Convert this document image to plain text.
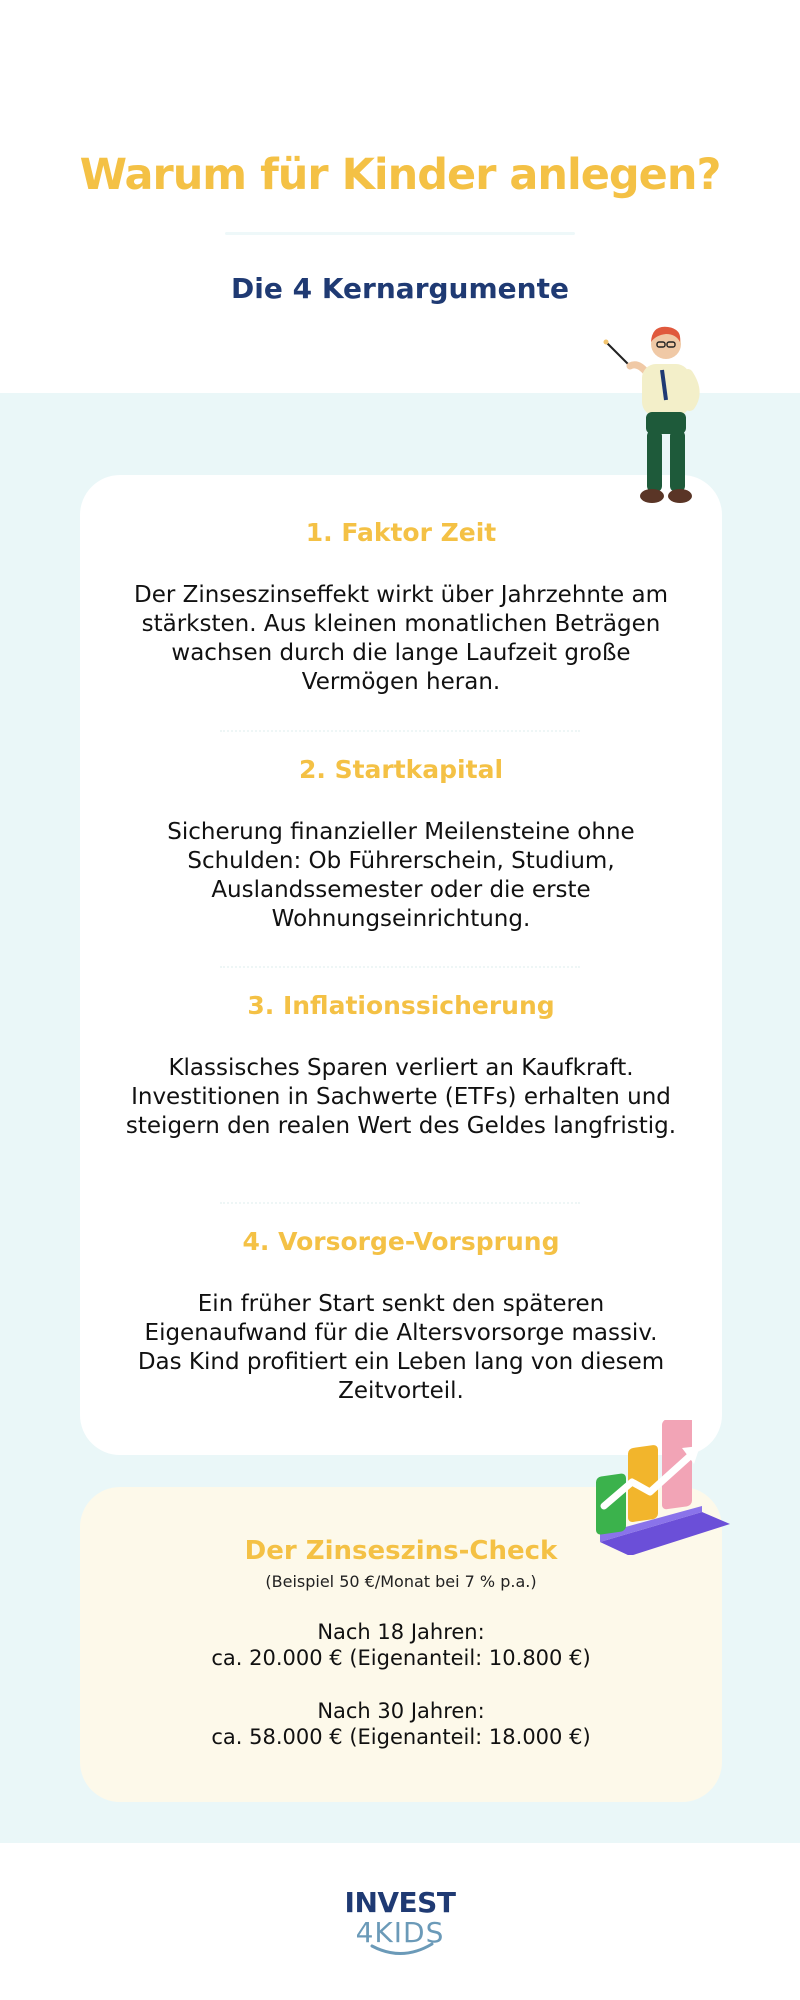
Warum für Kinder anlegen?
Die 4 Kernargumente
1. Faktor Zeit
Der Zinseszinseffekt wirkt über Jahrzehnte am stärksten. Aus kleinen monatlichen Beträgen wachsen durch die lange Laufzeit große Vermögen heran.
2. Startkapital
Sicherung finanzieller Meilensteine ohne Schulden: Ob Führerschein, Studium, Auslandssemester oder die erste Wohnungseinrichtung.
3. Inflationssicherung
Klassisches Sparen verliert an Kaufkraft. Investitionen in Sachwerte (ETFs) erhalten und steigern den realen Wert des Geldes langfristig.
4. Vorsorge-Vorsprung
Ein früher Start senkt den späteren Eigenaufwand für die Altersvorsorge massiv. Das Kind profitiert ein Leben lang von diesem Zeitvorteil.
Der Zinseszins-Check
(Beispiel 50 €/Monat bei 7 % p.a.)
Nach 18 Jahren:
ca. 20.000 € (Eigenanteil: 10.800 €)
Nach 30 Jahren:
ca. 58.000 € (Eigenanteil: 18.000 €)
INVEST
4KIDS
